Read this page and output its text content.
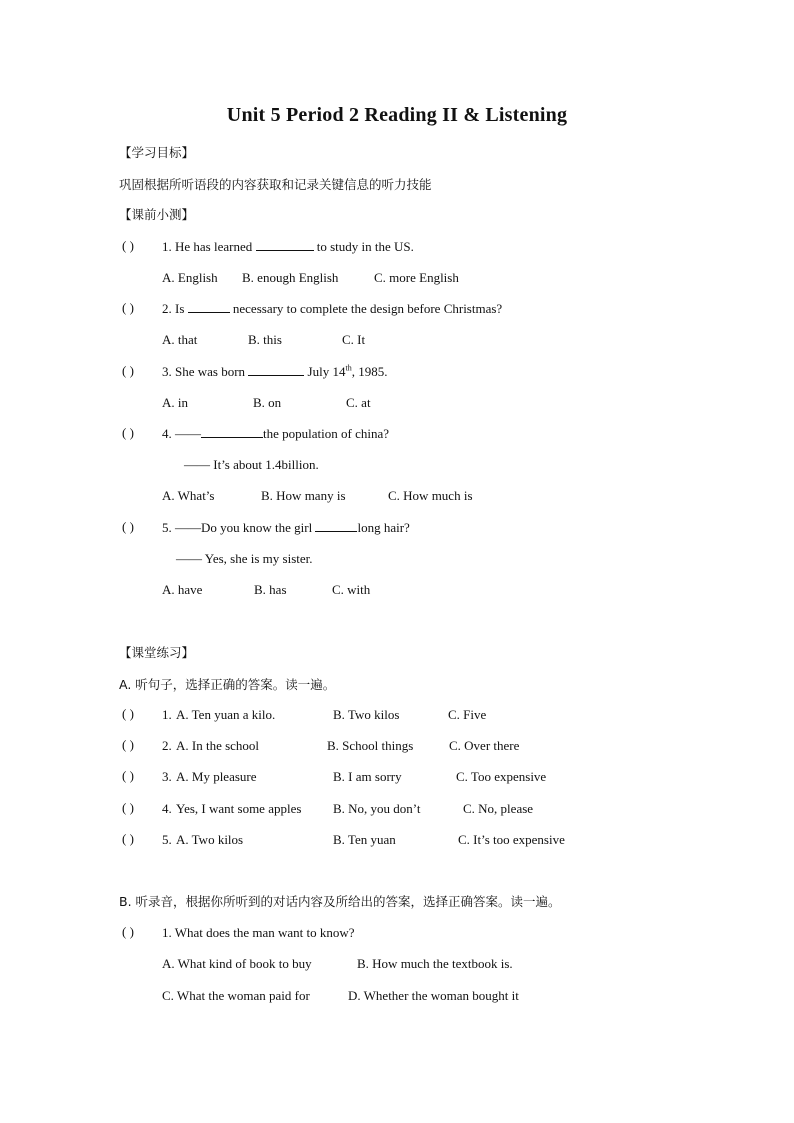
Unit 5 Period 2 Reading II & Listening
【学习目标】
巩固根据所听语段的内容获取和记录关键信息的听力技能
【课前小测】
( ) 1. He has learned	to study in the US.
A. English B. enough English	C. more English
( ) 2. Is	necessary to complete the design before Christmas?
A. that	B. this	C. It
( ) 3. She was born	July 14th, 1985.
A. in	B. on	C. at
( ) 4. ——	the population of china?
—— It’s about 1.4billion.
A. What’s	B. How many is	C. How much is
( ) 5. ——Do you know the girl	long hair?
—— Yes, she is my sister.
A. have	B. has	C. with
【课堂练习】
A. 听句子，选择正确的答案。读一遍。
( ) 1. A. Ten yuan a kilo.	B. Two kilos	C. Five
( ) 2. A. In the school	B. School things	C. Over there
( ) 3. A. My pleasure	B. I am sorry	C. Too expensive
( ) 4. Yes, I want some apples B. No, you don’t	C. No, please
( ) 5. A. Two kilos	B. Ten yuan	C. It’s too expensive
B. 听录音，根据你所听到的对话内容及所给出的答案，选择正确答案。读一遍。
( ) 1. What does the man want to know?
A. What kind of book to buy	B. How much the textbook is.
C. What the woman paid for	D. Whether the woman bought it
